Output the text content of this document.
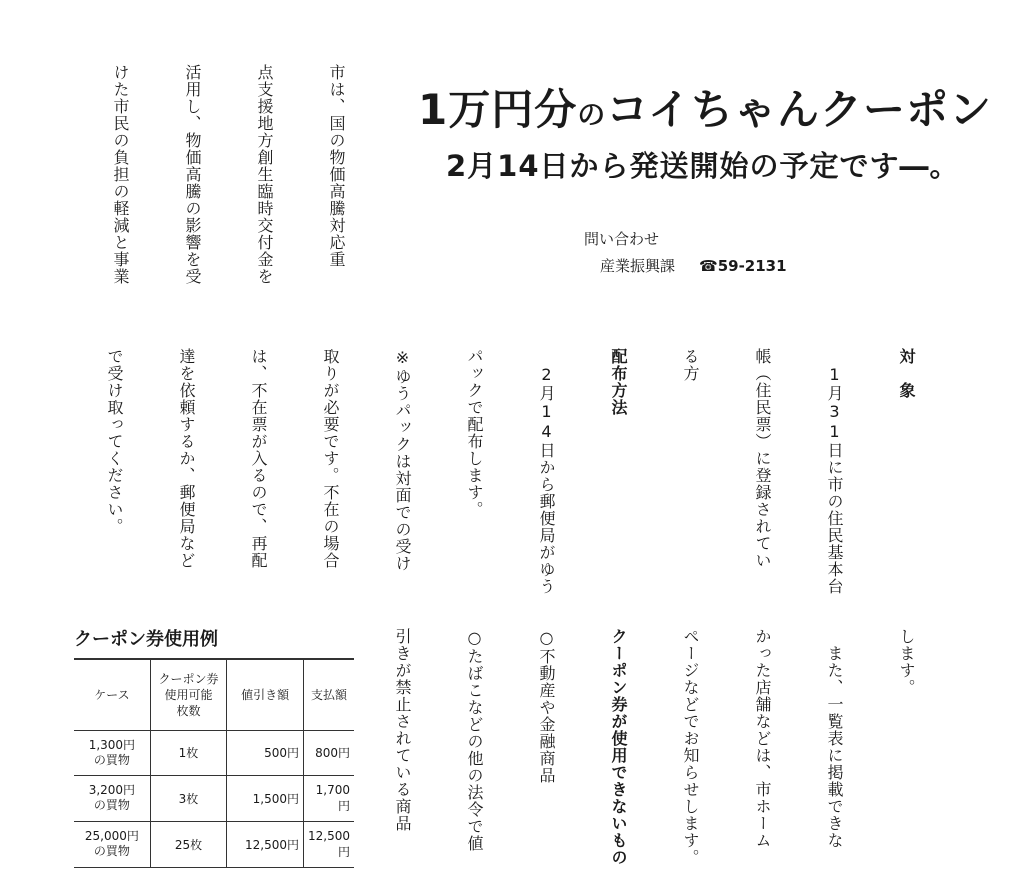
1万円分のコイちゃんクーポン
2月14日から発送開始の予定です―。
問い合わせ
産業振興課 ☎59-2131

市は、国の物価高騰対応重

点支援地方創生臨時交付金を

活用し、物価高騰の影響を受

けた市民の負担の軽減と事業

対　象

　1月31日に市の住民基本台

帳（住民票）に登録されてい

る方

配布方法

　2月14日から郵便局がゆう

パックで配布します。

※ゆうパックは対面での受け

取りが必要です。不在の場合

は、不在票が入るので、再配

達を依頼するか、郵便局など

で受け取ってください。

します。

　また、一覧表に掲載できな

かった店舗などは、市ホーム

ページなどでお知らせします。

クーポン券が使用できないもの

○不動産や金融商品

○たばこなどの他の法令で値

引きが禁止されている商品

クーポン券使用例
ケース	クーポン券
使用可能
枚数	値引き額	支払額
1,300円
の買物	1枚	500円	800円
3,200円
の買物	3枚	1,500円	1,700円
25,000円
の買物	25枚	12,500円	12,500円
